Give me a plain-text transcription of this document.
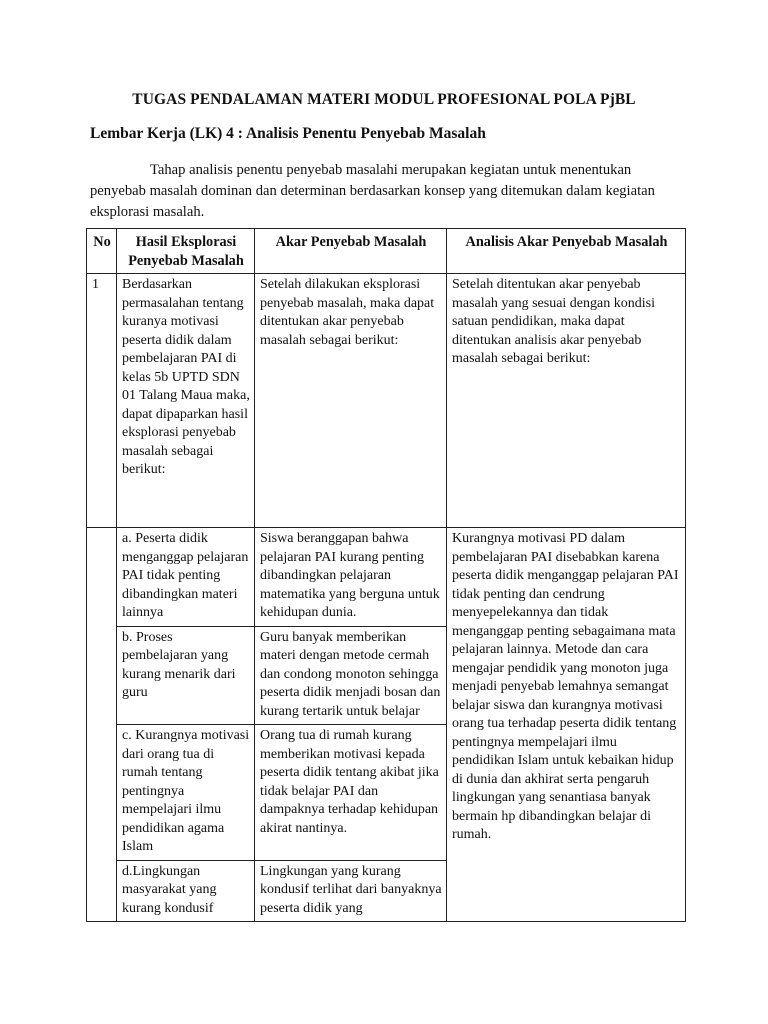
TUGAS PENDALAMAN MATERI MODUL PROFESIONAL POLA PjBL
Lembar Kerja (LK) 4 : Analisis Penentu Penyebab Masalah

Tahap analisis penentu penyebab masalahi merupakan kegiatan untuk menentukan penyebab masalah dominan dan determinan berdasarkan konsep yang ditemukan dalam kegiatan eksplorasi masalah.

No	Hasil Eksplorasi Penyebab Masalah	Akar Penyebab Masalah	Analisis Akar Penyebab Masalah
1	Berdasarkan permasalahan tentang kuranya motivasi peserta didik dalam pembelajaran PAI di kelas 5b UPTD SDN 01 Talang Maua maka, dapat dipaparkan hasil eksplorasi penyebab masalah sebagai berikut:	Setelah dilakukan eksplorasi penyebab masalah, maka dapat ditentukan akar penyebab masalah sebagai berikut:	Setelah ditentukan akar penyebab masalah yang sesuai dengan kondisi satuan pendidikan, maka dapat ditentukan analisis akar penyebab masalah sebagai berikut:
	a. Peserta didik menganggap pelajaran PAI tidak penting dibandingkan materi lainnya	Siswa beranggapan bahwa pelajaran PAI kurang penting dibandingkan pelajaran matematika yang berguna untuk kehidupan dunia.	Kurangnya motivasi PD dalam pembelajaran PAI disebabkan karena peserta didik menganggap pelajaran PAI tidak penting dan cendrung menyepelekannya dan tidak menganggap penting sebagaimana mata pelajaran lainnya. Metode dan cara mengajar pendidik yang monoton juga menjadi penyebab lemahnya semangat belajar siswa dan kurangnya motivasi orang tua terhadap peserta didik tentang pentingnya mempelajari ilmu pendidikan Islam untuk kebaikan hidup di dunia dan akhirat serta pengaruh lingkungan yang senantiasa banyak bermain hp dibandingkan belajar di rumah.
	b. Proses pembelajaran yang kurang menarik dari guru	Guru banyak memberikan materi dengan metode cermah dan condong monoton sehingga peserta didik menjadi bosan dan kurang tertarik untuk belajar	
	c. Kurangnya motivasi dari orang tua di rumah tentang pentingnya mempelajari ilmu pendidikan agama Islam	Orang tua di rumah kurang memberikan motivasi kepada peserta didik tentang akibat jika tidak belajar PAI dan dampaknya terhadap kehidupan akirat nantinya.	
	d.Lingkungan masyarakat yang kurang kondusif	Lingkungan yang kurang kondusif terlihat dari banyaknya peserta didik yang	
